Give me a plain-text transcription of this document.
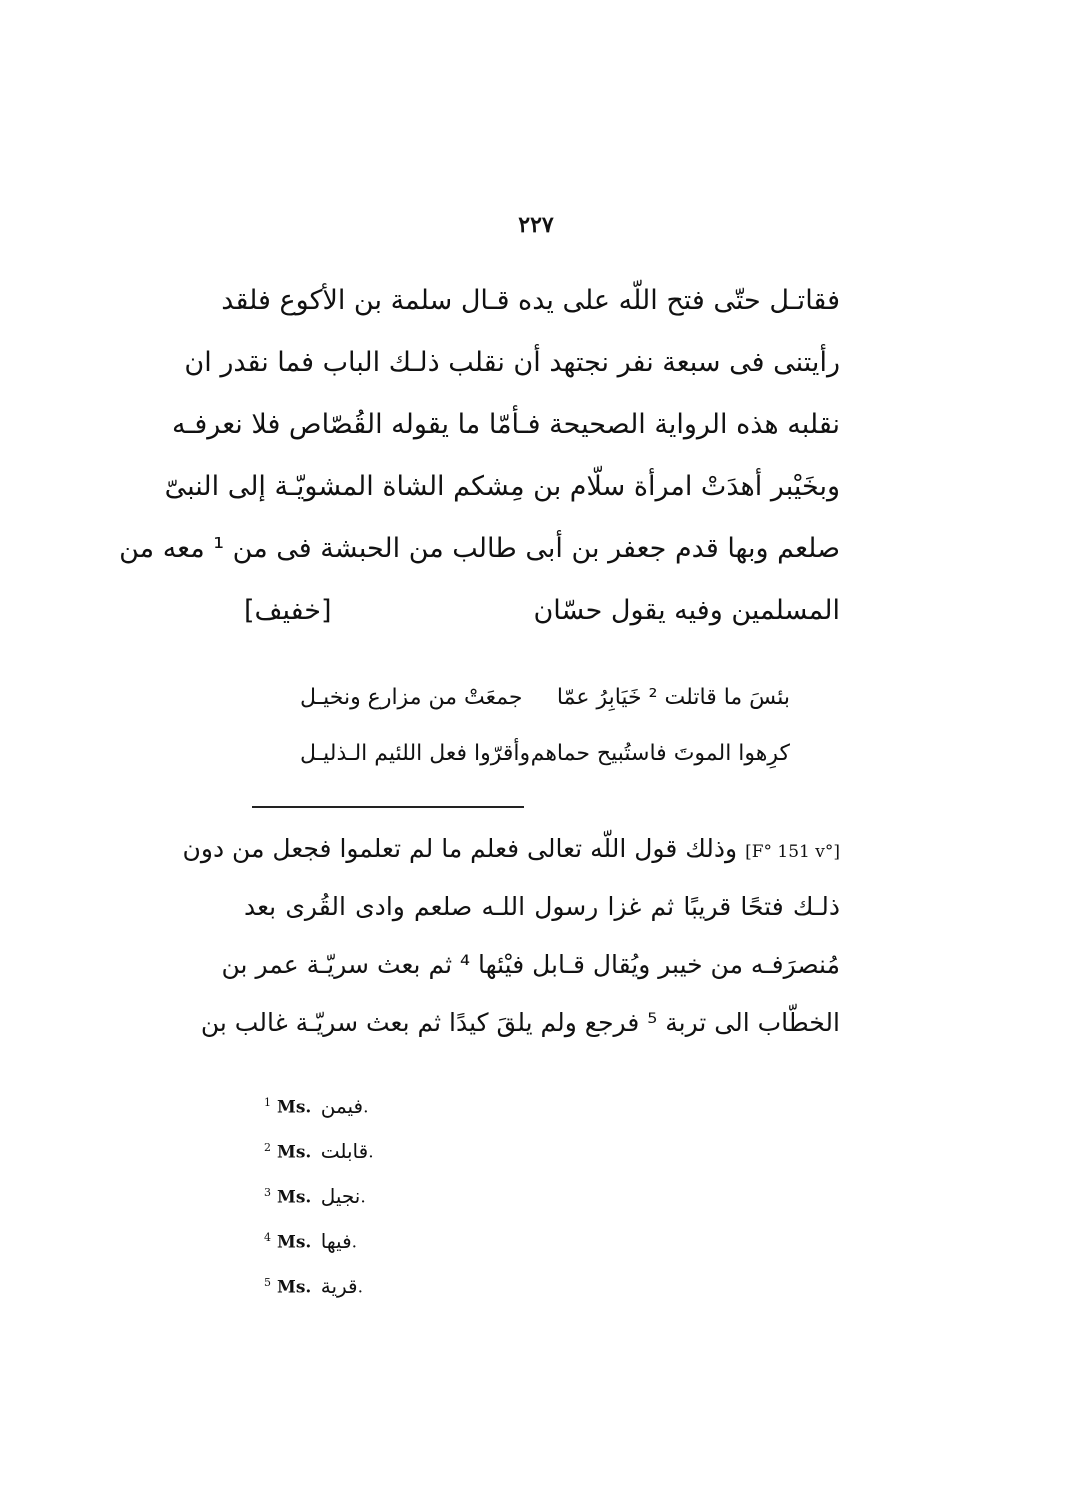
٢٢٧
فقاتـل حتّى فتح اللّه على يده قـال سلمة بن الأكوع فلقد
رأيتنى فى سبعة نفر نجتهد أن نقلب ذلـك الباب فما نقدر ان
نقلبه هذه الرواية الصحيحة فـأمّا ما يقوله القُصّاص فلا نعرفـه
وبخَيْبر أهدَتْ امرأة سلّام بن مِشكم الشاة المشويّـة إلى النبىّ
صلعم وبها قدم جعفر بن أبى طالب من الحبشة فى من ¹ معه من
المسلمين وفيه يقول حسّان
[خفيف]
بئسَ ما قاتلت ² خَيَابِرُ عمّا
جمعَتْ من مزارع ونخيـل
كرِهوا الموتَ فاستُبيح حماهم
وأقرّوا فعل اللئيم الـذليـل
[F° 151 v°] وذلك قول اللّه تعالى فعلم ما لم تعلموا فجعل من دون
ذلـك فتحًا قريبًا ثم غزا رسول اللـه صلعم وادى القُرى بعد
مُنصرَفـه من خيبر ويُقال قـابل فيْئها ⁴ ثم بعث سريّـة عمر بن
الخطّاب الى تربة ⁵ فرجع ولم يلقَ كيدًا ثم بعث سريّـة غالب بن
$^1$ Ms. فيمن.
$^2$ Ms. قابلت.
$^3$ Ms. نجيل.
$^4$ Ms. فيها.
$^5$ Ms. قرية.
